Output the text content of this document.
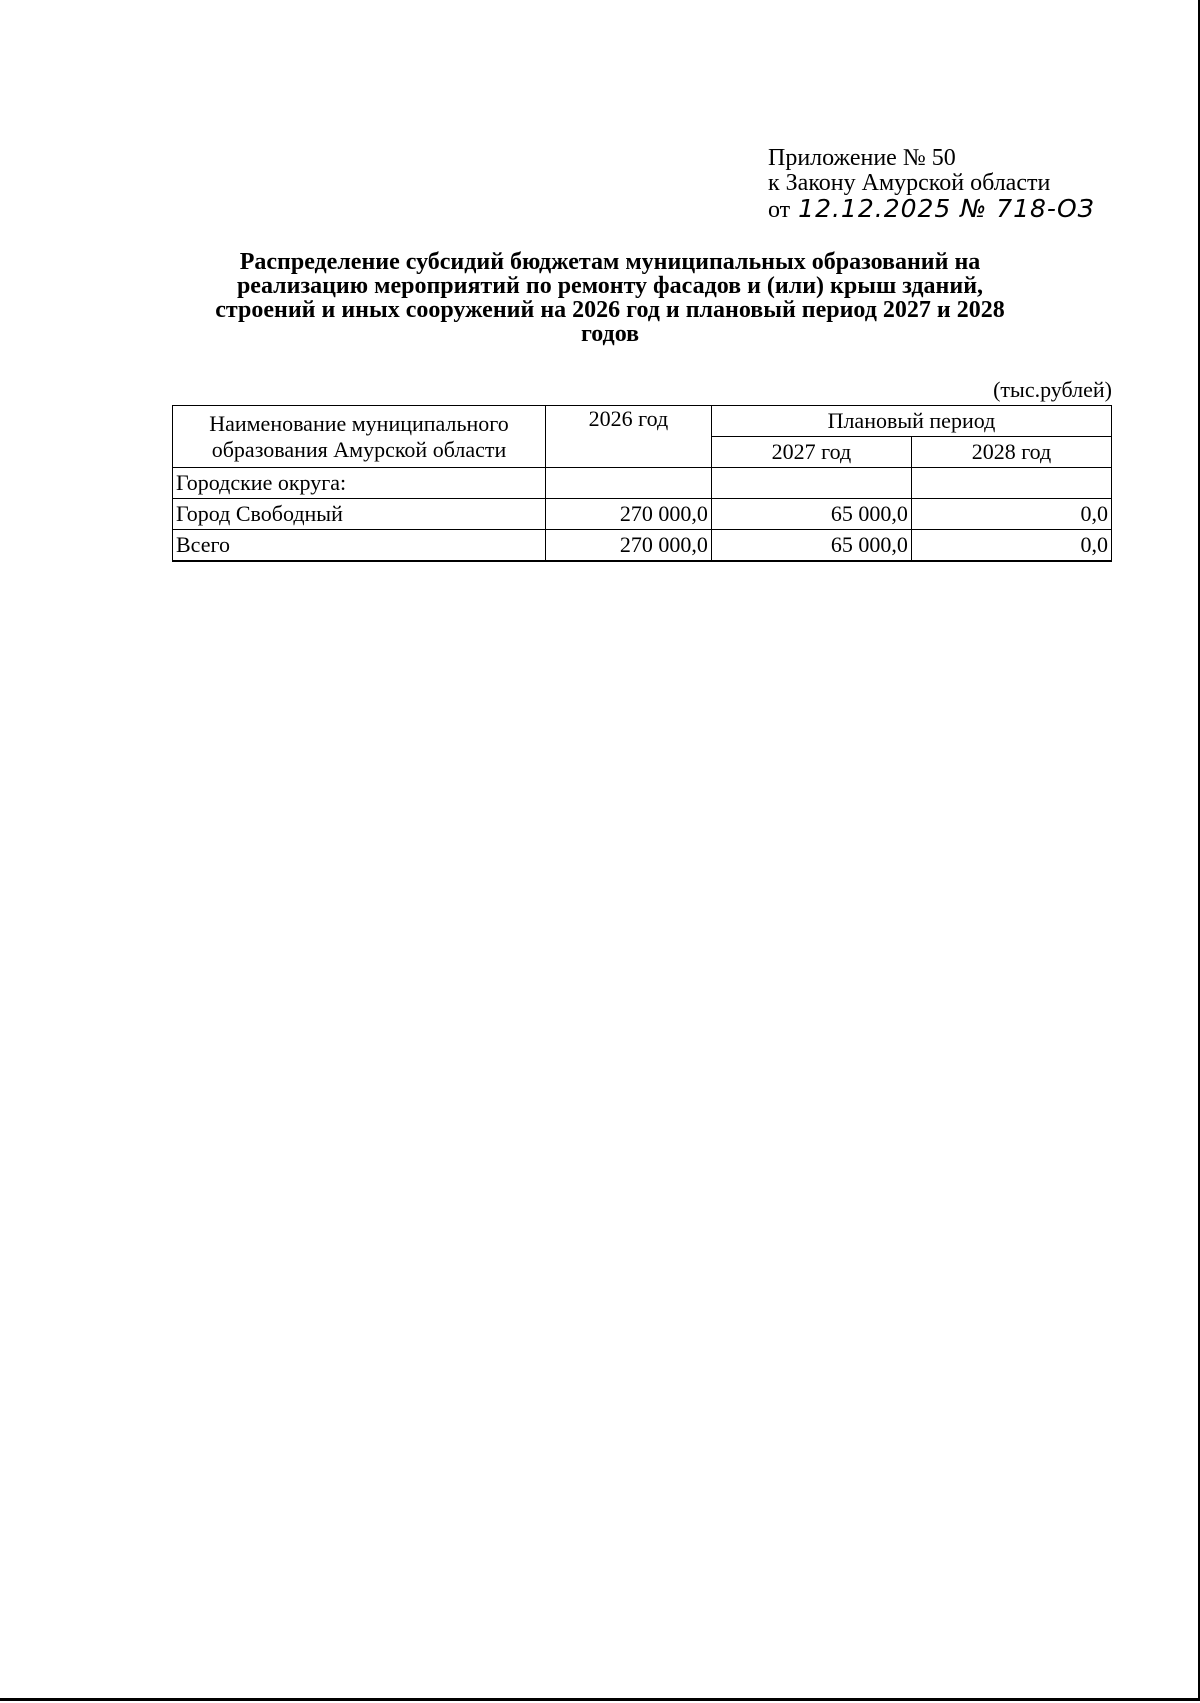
Приложение № 50
к Закону Амурской области
от 12.12.2025 № 718-ОЗ
Распределение субсидий бюджетам муниципальных образований на
реализацию мероприятий по ремонту фасадов и (или) крыш зданий,
строений и иных сооружений на 2026 год и плановый период 2027 и 2028
годов
(тыс.рублей)
Наименование муниципального
образования Амурской области	2026 год	Плановый период	
		2027 год	2028 год
Городские округа:			
Город Свободный	270 000,0	65 000,0	0,0
Всего	270 000,0	65 000,0	0,0
